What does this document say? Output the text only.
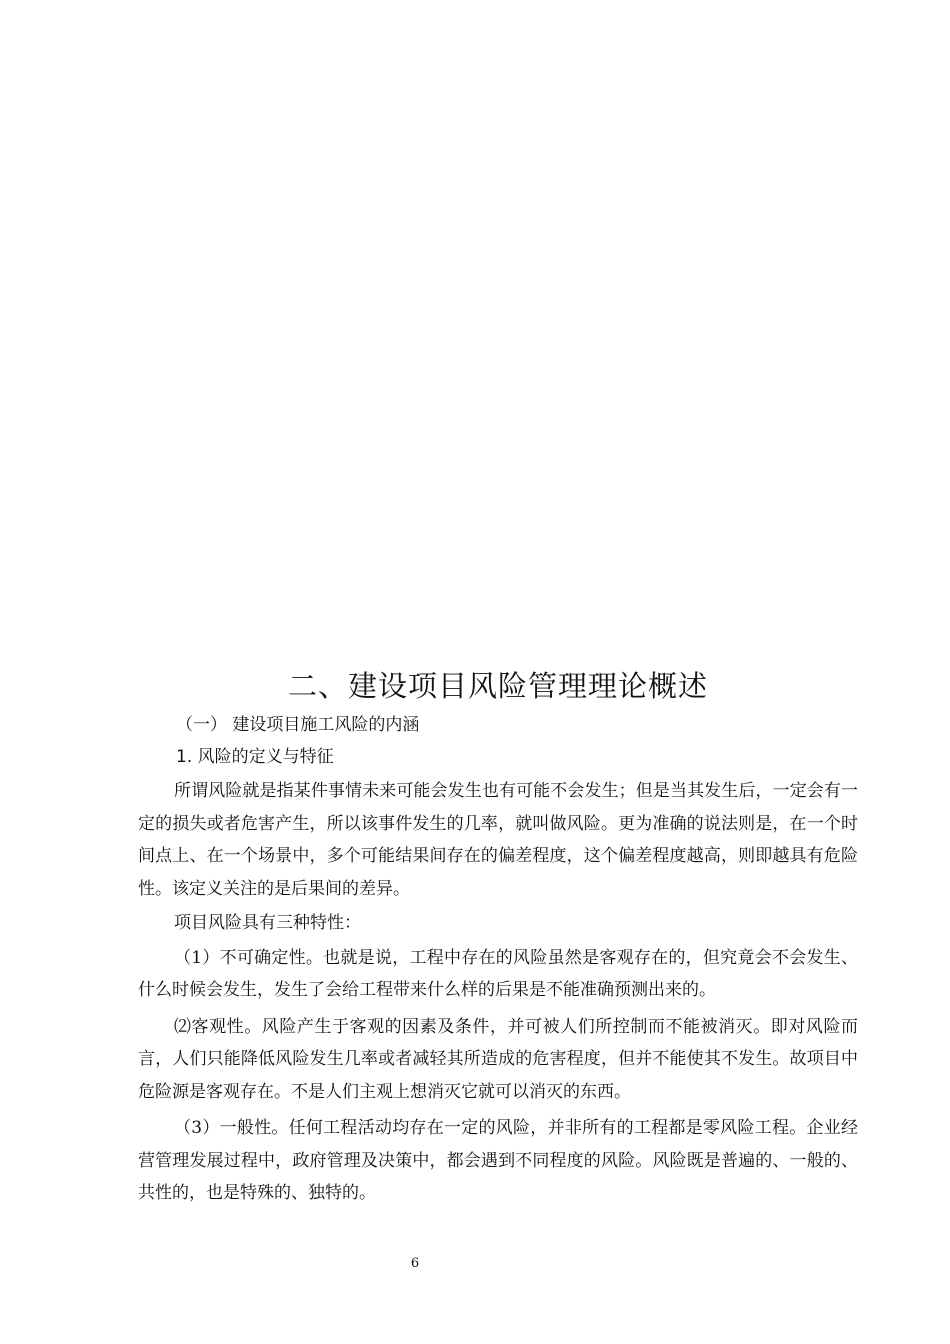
二、建设项目风险管理理论概述
（一） 建设项目施工风险的内涵
1. 风险的定义与特征

所谓风险就是指某件事情未来可能会发生也有可能不会发生；但是当其发生后，一定会有一定的损失或者危害产生，所以该事件发生的几率，就叫做风险。更为准确的说法则是，在一个时间点上、在一个场景中，多个可能结果间存在的偏差程度，这个偏差程度越高，则即越具有危险性。该定义关注的是后果间的差异。

项目风险具有三种特性：

（1）不可确定性。也就是说，工程中存在的风险虽然是客观存在的，但究竟会不会发生、什么时候会发生，发生了会给工程带来什么样的后果是不能准确预测出来的。

⑵客观性。风险产生于客观的因素及条件，并可被人们所控制而不能被消灭。即对风险而言，人们只能降低风险发生几率或者减轻其所造成的危害程度，但并不能使其不发生。故项目中危险源是客观存在。不是人们主观上想消灭它就可以消灭的东西。

（3）一般性。任何工程活动均存在一定的风险，并非所有的工程都是零风险工程。企业经营管理发展过程中，政府管理及决策中，都会遇到不同程度的风险。风险既是普遍的、一般的、共性的，也是特殊的、独特的。

6
